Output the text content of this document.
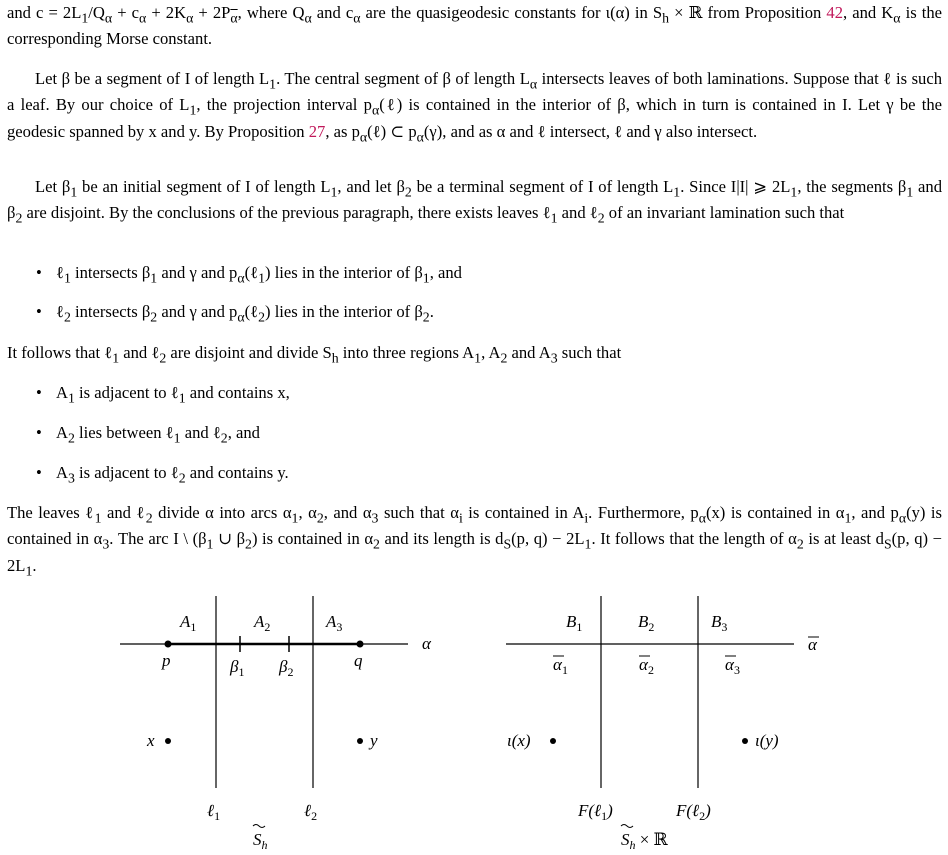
and $c = 2L_1/Q_\alpha + c_\alpha + 2K_\alpha + 2P_{\overline{\alpha}}$, where $Q_\alpha$ and $c_\alpha$ are the quasigeodesic constants for ι(α) in $S_h$ × ℝ from Proposition 42, and $K_\alpha$ is the corresponding Morse constant.

Let β be a segment of I of length $L_1$. The central segment of β of length $L_\alpha$ intersects leaves of both laminations. Suppose that ℓ is such a leaf. By our choice of $L_1$, the projection interval $p_\alpha(\ell)$ is contained in the interior of β, which in turn is contained in I. Let γ be the geodesic spanned by x and y. By Proposition 27, as $p_\alpha(\ell)$ ⊂ $p_\alpha(\gamma)$, and as α and ℓ intersect, ℓ and γ also intersect.

Let $\beta_1$ be an initial segment of I of length $L_1$, and let $\beta_2$ be a terminal segment of I of length $L_1$. Since I|I| ⩾ $2L_1$, the segments $\beta_1$ and $\beta_2$ are disjoint. By the conclusions of the previous paragraph, there exists leaves ℓ$_1$ and ℓ$_2$ of an invariant lamination such that

• ℓ$_1$ intersects $\beta_1$ and γ and $p_\alpha(\ell_1)$ lies in the interior of $\beta_1$, and

• ℓ$_2$ intersects $\beta_2$ and γ and $p_\alpha(\ell_2)$ lies in the interior of $\beta_2$.

It follows that ℓ$_1$ and ℓ$_2$ are disjoint and divide $S_h$ into three regions $A_1$, $A_2$ and $A_3$ such that

• $A_1$ is adjacent to ℓ$_1$ and contains x,

• $A_2$ lies between ℓ$_1$ and ℓ$_2$, and

• $A_3$ is adjacent to ℓ$_2$ and contains y.

The leaves ℓ$_1$ and ℓ$_2$ divide α into arcs $\alpha_1$, $\alpha_2$, and $\alpha_3$ such that $\alpha_i$ is contained in $A_i$. Furthermore, $p_\alpha(x)$ is contained in $\alpha_1$, and $p_\alpha(y)$ is contained in $\alpha_3$. The arc I \ ($\beta_1$ ∪ $\beta_2$) is contained in $\alpha_2$ and its length is $d_S(p$, $q) - 2L_1$. It follows that the length of $\alpha_2$ is at least $d_S(p$, $q) - 2L_1$.

$A_1$	$A_2$	$A_3$
α
p	q
$\beta_1$ $\beta_2$
x	y
ℓ$_1$	ℓ$_2$
$S_h$
$B_1$	$B_2$	$B_3$
α
$\alpha_1$	$\alpha_2$	$\alpha_3$
ι(x)	ι(y)
F(ℓ$_1$)	F(ℓ$_2$)
$S_h$ × ℝ
